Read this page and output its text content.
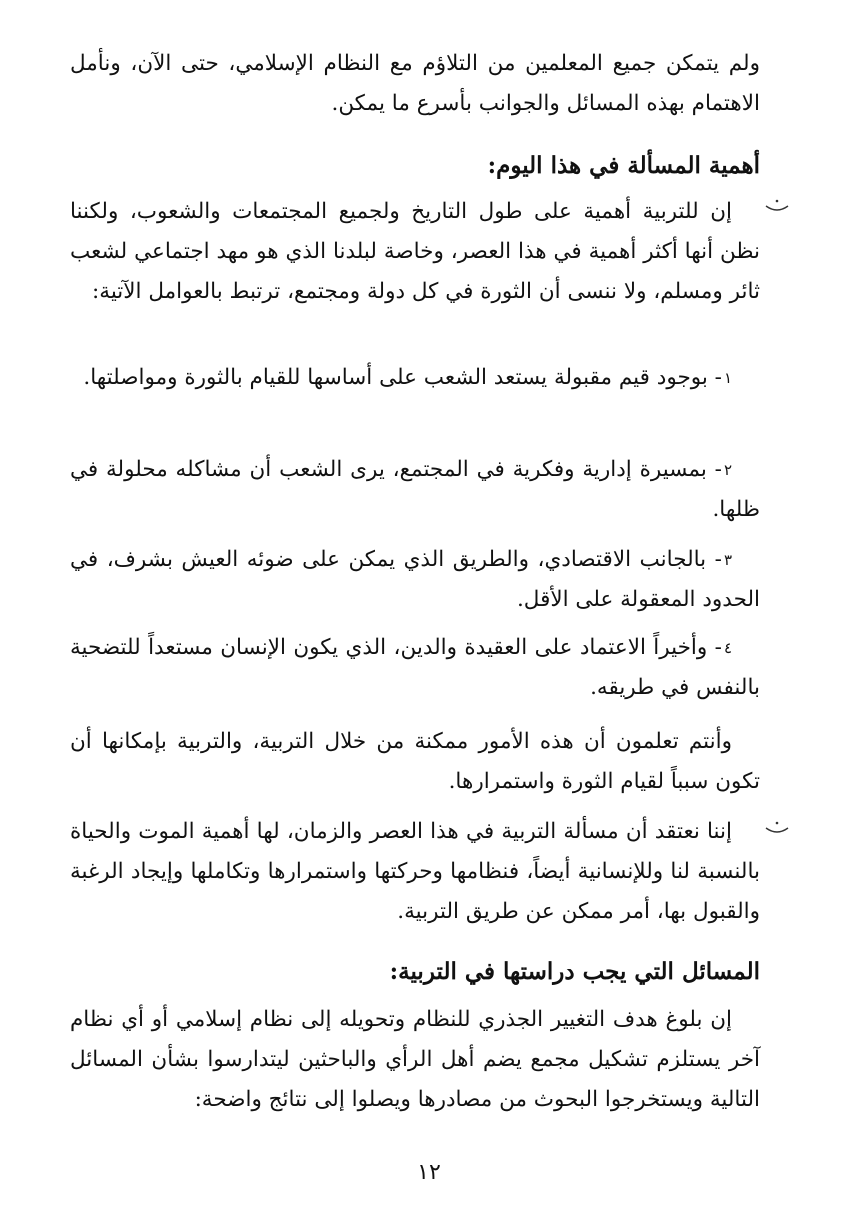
ولم يتمكن جميع المعلمين من التلاؤم مع النظام الإسلامي، حتى الآن، ونأمل الاهتمام بهذه المسائل والجوانب بأسرع ما يمكن.

أهمية المسألة في هذا اليوم:

إن للتربية أهمية على طول التاريخ ولجميع المجتمعات والشعوب، ولكننا نظن أنها أكثر أهمية في هذا العصر، وخاصة لبلدنا الذي هو مهد اجتماعي لشعب ثائر ومسلم، ولا ننسى أن الثورة في كل دولة ومجتمع، ترتبط بالعوامل الآتية:

$^١$- بوجود قيم مقبولة يستعد الشعب على أساسها للقيام بالثورة ومواصلتها.

$^٢$- بمسيرة إدارية وفكرية في المجتمع، يرى الشعب أن مشاكله محلولة في ظلها.

$^٣$- بالجانب الاقتصادي، والطريق الذي يمكن على ضوئه العيش بشرف، في الحدود المعقولة على الأقل.

$^٤$- وأخيراً الاعتماد على العقيدة والدين، الذي يكون الإنسان مستعداً للتضحية بالنفس في طريقه.

وأنتم تعلمون أن هذه الأمور ممكنة من خلال التربية، والتربية بإمكانها أن تكون سبباً لقيام الثورة واستمرارها.

إننا نعتقد أن مسألة التربية في هذا العصر والزمان، لها أهمية الموت والحياة بالنسبة لنا وللإنسانية أيضاً، فنظامها وحركتها واستمرارها وتكاملها وإيجاد الرغبة والقبول بها، أمر ممكن عن طريق التربية.

المسائل التي يجب دراستها في التربية:

إن بلوغ هدف التغيير الجذري للنظام وتحويله إلى نظام إسلامي أو أي نظام آخر يستلزم تشكيل مجمع يضم أهل الرأي والباحثين ليتدارسوا بشأن المسائل التالية ويستخرجوا البحوث من مصادرها ويصلوا إلى نتائج واضحة:

١٢
